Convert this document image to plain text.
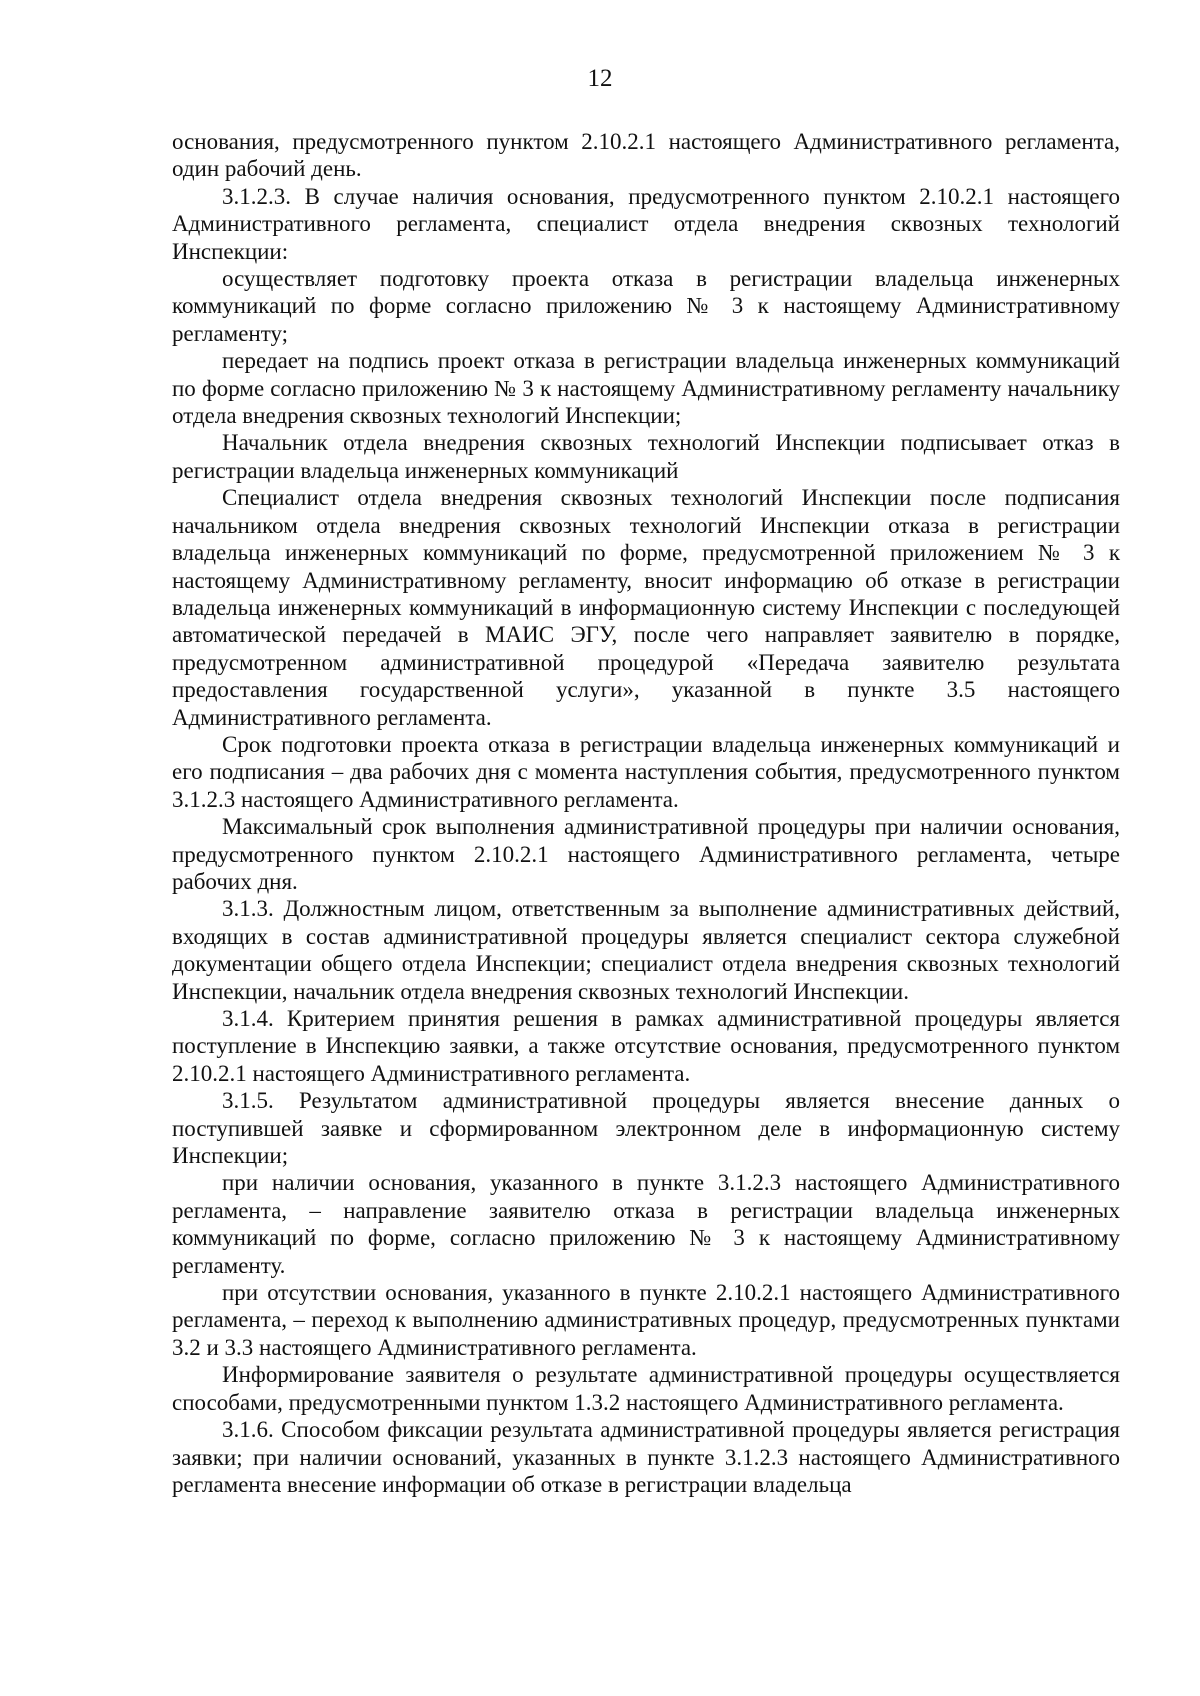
12

основания, предусмотренного пунктом 2.10.2.1 настоящего Административного регламента, один рабочий день.

3.1.2.3. В случае наличия основания, предусмотренного пунктом 2.10.2.1 настоящего Административного регламента, специалист отдела внедрения сквозных технологий Инспекции:

осуществляет подготовку проекта отказа в регистрации владельца инженерных коммуникаций по форме согласно приложению № 3 к настоящему Административному регламенту;

передает на подпись проект отказа в регистрации владельца инженерных коммуникаций по форме согласно приложению № 3 к настоящему Административному регламенту начальнику отдела внедрения сквозных технологий Инспекции;

Начальник отдела внедрения сквозных технологий Инспекции подписывает отказ в регистрации владельца инженерных коммуникаций

Специалист отдела внедрения сквозных технологий Инспекции после подписания начальником отдела внедрения сквозных технологий Инспекции отказа в регистрации владельца инженерных коммуникаций по форме, предусмотренной приложением № 3 к настоящему Административному регламенту, вносит информацию об отказе в регистрации владельца инженерных коммуникаций в информационную систему Инспекции с последующей автоматической передачей в МАИС ЭГУ, после чего направляет заявителю в порядке, предусмотренном административной процедурой «Передача заявителю результата предоставления государственной услуги», указанной в пункте 3.5 настоящего Административного регламента.

Срок подготовки проекта отказа в регистрации владельца инженерных коммуникаций и его подписания – два рабочих дня с момента наступления события, предусмотренного пунктом 3.1.2.3 настоящего Административного регламента.

Максимальный срок выполнения административной процедуры при наличии основания, предусмотренного пунктом 2.10.2.1 настоящего Административного регламента, четыре рабочих дня.

3.1.3. Должностным лицом, ответственным за выполнение административных действий, входящих в состав административной процедуры является специалист сектора служебной документации общего отдела Инспекции; специалист отдела внедрения сквозных технологий Инспекции, начальник отдела внедрения сквозных технологий Инспекции.

3.1.4. Критерием принятия решения в рамках административной процедуры является поступление в Инспекцию заявки, а также отсутствие основания, предусмотренного пунктом 2.10.2.1 настоящего Административного регламента.

3.1.5. Результатом административной процедуры является внесение данных о поступившей заявке и сформированном электронном деле в информационную систему Инспекции;

при наличии основания, указанного в пункте 3.1.2.3 настоящего Административного регламента, – направление заявителю отказа в регистрации владельца инженерных коммуникаций по форме, согласно приложению № 3 к настоящему Административному регламенту.

при отсутствии основания, указанного в пункте 2.10.2.1 настоящего Административного регламента, – переход к выполнению административных процедур, предусмотренных пунктами 3.2 и 3.3 настоящего Административного регламента.

Информирование заявителя о результате административной процедуры осуществляется способами, предусмотренными пунктом 1.3.2 настоящего Административного регламента.

3.1.6. Способом фиксации результата административной процедуры является регистрация заявки; при наличии оснований, указанных в пункте 3.1.2.3 настоящего Административного регламента внесение информации об отказе в регистрации владельца
